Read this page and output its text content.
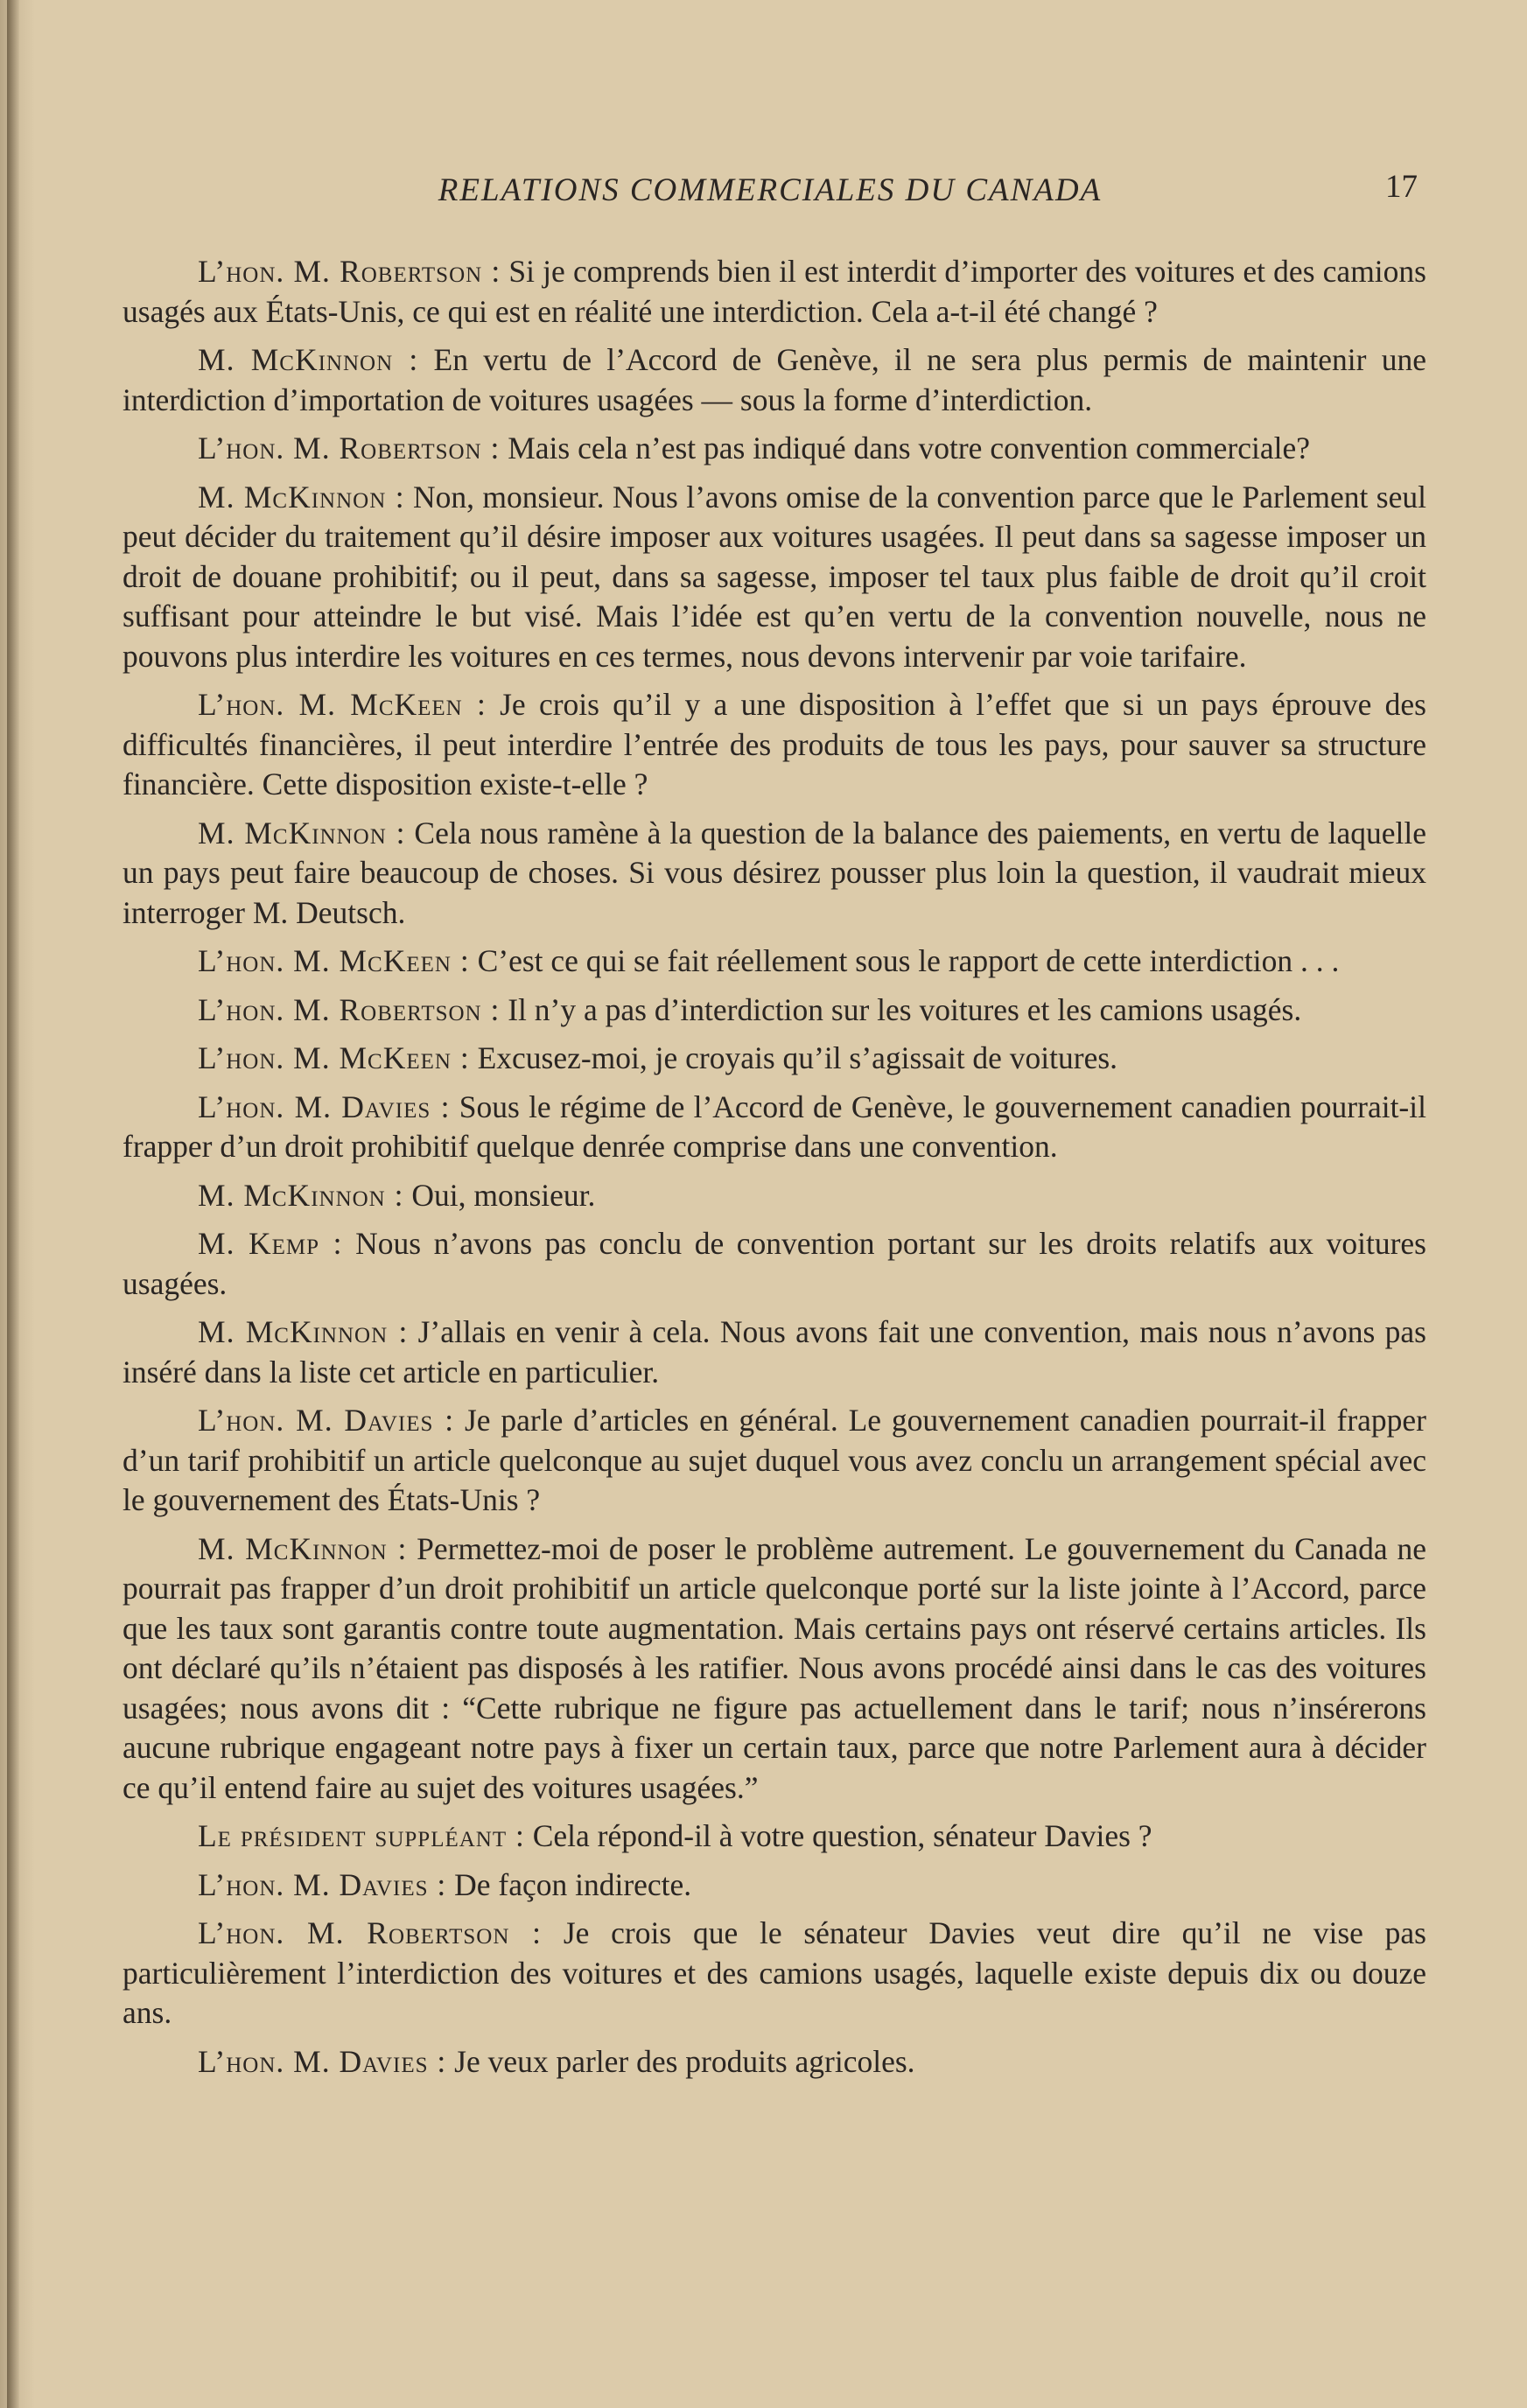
RELATIONS COMMERCIALES DU CANADA	17

L’hon. M. Robertson : Si je comprends bien il est interdit d’importer des voitures et des camions usagés aux États-Unis, ce qui est en réalité une interdiction. Cela a-t-il été changé ?

M. McKinnon : En vertu de l’Accord de Genève, il ne sera plus permis de maintenir une interdiction d’importation de voitures usagées — sous la forme d’interdiction.

L’hon. M. Robertson : Mais cela n’est pas indiqué dans votre convention commerciale?

M. McKinnon : Non, monsieur. Nous l’avons omise de la convention parce que le Parlement seul peut décider du traitement qu’il désire imposer aux voitures usagées. Il peut dans sa sagesse imposer un droit de douane prohibitif; ou il peut, dans sa sagesse, imposer tel taux plus faible de droit qu’il croit suffisant pour atteindre le but visé. Mais l’idée est qu’en vertu de la convention nouvelle, nous ne pouvons plus interdire les voitures en ces termes, nous devons intervenir par voie tarifaire.

L’hon. M. McKeen : Je crois qu’il y a une disposition à l’effet que si un pays éprouve des difficultés financières, il peut interdire l’entrée des produits de tous les pays, pour sauver sa structure financière. Cette disposition existe-t-elle ?

M. McKinnon : Cela nous ramène à la question de la balance des paiements, en vertu de laquelle un pays peut faire beaucoup de choses. Si vous désirez pousser plus loin la question, il vaudrait mieux interroger M. Deutsch.

L’hon. M. McKeen : C’est ce qui se fait réellement sous le rapport de cette interdiction . . .

L’hon. M. Robertson : Il n’y a pas d’interdiction sur les voitures et les camions usagés.

L’hon. M. McKeen : Excusez-moi, je croyais qu’il s’agissait de voitures.

L’hon. M. Davies : Sous le régime de l’Accord de Genève, le gouvernement canadien pourrait-il frapper d’un droit prohibitif quelque denrée comprise dans une convention.

M. McKinnon : Oui, monsieur.

M. Kemp : Nous n’avons pas conclu de convention portant sur les droits relatifs aux voitures usagées.

M. McKinnon : J’allais en venir à cela. Nous avons fait une convention, mais nous n’avons pas inséré dans la liste cet article en particulier.

L’hon. M. Davies : Je parle d’articles en général. Le gouvernement canadien pourrait-il frapper d’un tarif prohibitif un article quelconque au sujet duquel vous avez conclu un arrangement spécial avec le gouvernement des États-Unis ?

M. McKinnon : Permettez-moi de poser le problème autrement. Le gouvernement du Canada ne pourrait pas frapper d’un droit prohibitif un article quelconque porté sur la liste jointe à l’Accord, parce que les taux sont garantis contre toute augmentation. Mais certains pays ont réservé certains articles. Ils ont déclaré qu’ils n’étaient pas disposés à les ratifier. Nous avons procédé ainsi dans le cas des voitures usagées; nous avons dit : “Cette rubrique ne figure pas actuellement dans le tarif; nous n’insérerons aucune rubrique engageant notre pays à fixer un certain taux, parce que notre Parlement aura à décider ce qu’il entend faire au sujet des voitures usagées.”

Le président suppléant : Cela répond-il à votre question, sénateur Davies ?

L’hon. M. Davies : De façon indirecte.

L’hon. M. Robertson : Je crois que le sénateur Davies veut dire qu’il ne vise pas particulièrement l’interdiction des voitures et des camions usagés, laquelle existe depuis dix ou douze ans.

L’hon. M. Davies : Je veux parler des produits agricoles.
